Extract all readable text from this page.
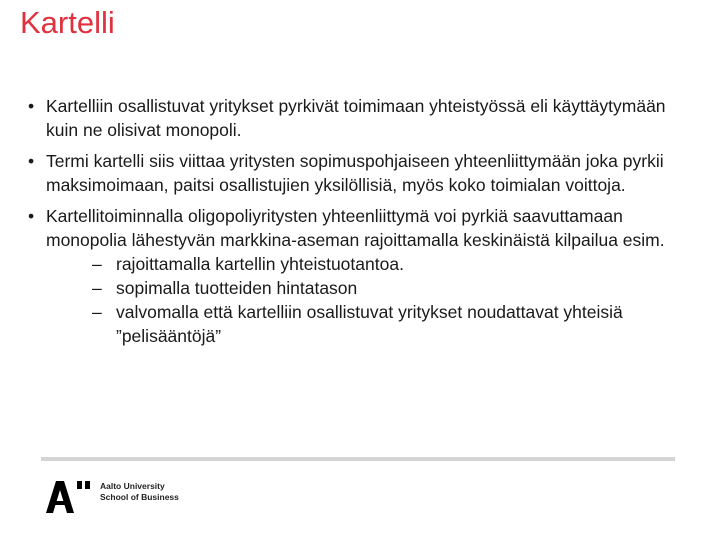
Kartelli
• Kartelliin osallistuvat yritykset pyrkivät toimimaan yhteistyössä eli käyttäytymään kuin ne olisivat monopoli.
• Termi kartelli siis viittaa yritysten sopimuspohjaiseen yhteenliittymään joka pyrkii maksimoimaan, paitsi osallistujien yksilöllisiä, myös koko toimialan voittoja.
• Kartellitoiminnalla oligopoliyritysten yhteenliittymä voi pyrkiä saavuttamaan monopolia lähestyvän markkina-aseman rajoittamalla keskinäistä kilpailua esim.
– rajoittamalla kartellin yhteistuotantoa.
– sopimalla tuotteiden hintatason
– valvomalla että kartelliin osallistuvat yritykset noudattavat yhteisiä ”pelisääntöjä”
Aalto University
School of Business
